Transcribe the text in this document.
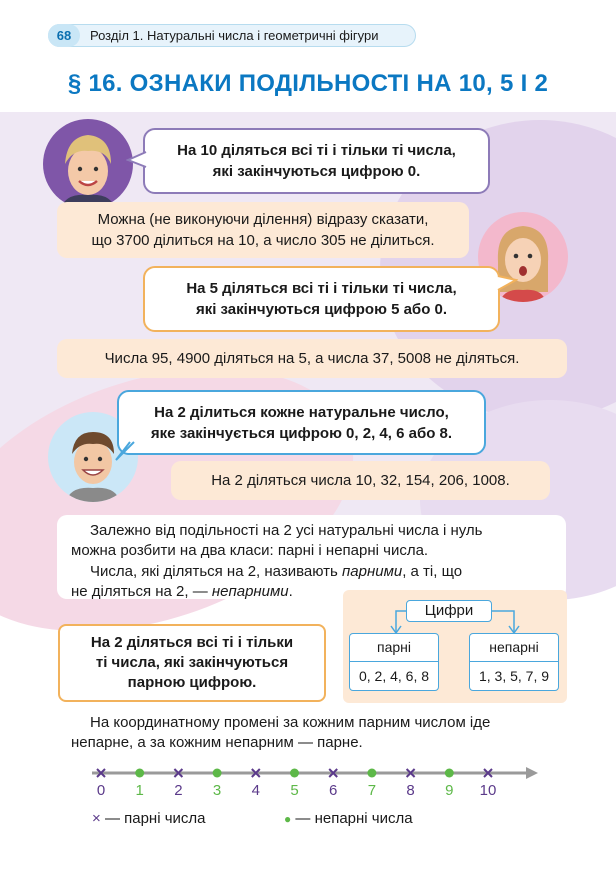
68	Розділ 1. Натуральні числа і геометричні фігури
§ 16. ОЗНАКИ ПОДІЛЬНОСТІ НА 10, 5 І 2
На 10 діляться всі ті і тільки ті числа,
які закінчуються цифрою 0.
Можна (не виконуючи ділення) відразу сказати,
що 3700 ділиться на 10, а число 305 не ділиться.
На 5 діляться всі ті і тільки ті числа,
які закінчуються цифрою 5 або 0.
Числа 95, 4900 діляться на 5, а числа 37, 5008 не діляться.
На 2 ділиться кожне натуральне число,
яке закінчується цифрою 0, 2, 4, 6 або 8.
На 2 діляться числа 10, 32, 154, 206, 1008.
Залежно від подільності на 2 усі натуральні числа і нуль
можна розбити на два класи: парні і непарні числа.
Числа, які діляться на 2, називають парними, а ті, що
не діляться на 2, — непарними.
На 2 діляться всі ті і тільки
ті числа, які закінчуються
парною цифрою.
Цифри
парні
0, 2, 4, 6, 8
непарні
1, 3, 5, 7, 9
На координатному промені за кожним парним числом іде
непарне, а за кожним непарним — парне.
0	1	2	3	4	5	6	7	8	9	10
× — парні числа	● — непарні числа
